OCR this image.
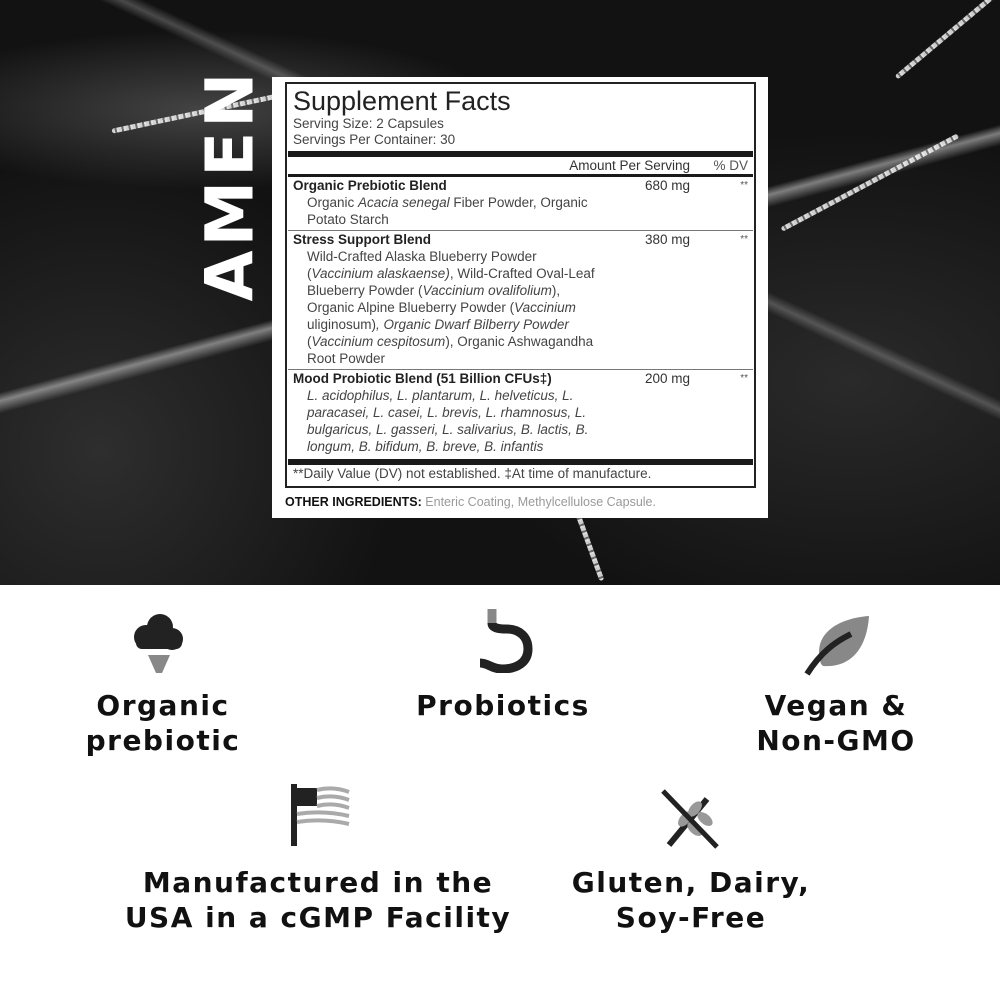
AMEN Supplement Facts
Serving Size: 2 Capsules
Servings Per Container: 30
Amount Per Serving	% DV
Organic Prebiotic Blend	680 mg	**
Organic Acacia senegal Fiber Powder, Organic
Potato Starch
Stress Support Blend	380 mg	**
Wild-Crafted Alaska Blueberry Powder
(Vaccinium alaskaense), Wild-Crafted Oval-Leaf
Blueberry Powder (Vaccinium ovalifolium),
Organic Alpine Blueberry Powder (Vaccinium
uliginosum), Organic Dwarf Bilberry Powder
(Vaccinium cespitosum), Organic Ashwagandha
Root Powder
Mood Probiotic Blend (51 Billion CFUs‡)	200 mg	**
L. acidophilus, L. plantarum, L. helveticus, L.
paracasei, L. casei, L. brevis, L. rhamnosus, L.
bulgaricus, L. gasseri, L. salivarius, B. lactis, B.
longum, B. bifidum, B. breve, B. infantis
**Daily Value (DV) not established. ‡At time of manufacture.
OTHER INGREDIENTS: Enteric Coating, Methylcellulose Capsule.
Organic
prebiotic
Probiotics	Vegan &
Non-GMO
Manufactured in the
USA in a cGMP Facility
Gluten, Dairy,
Soy-Free
